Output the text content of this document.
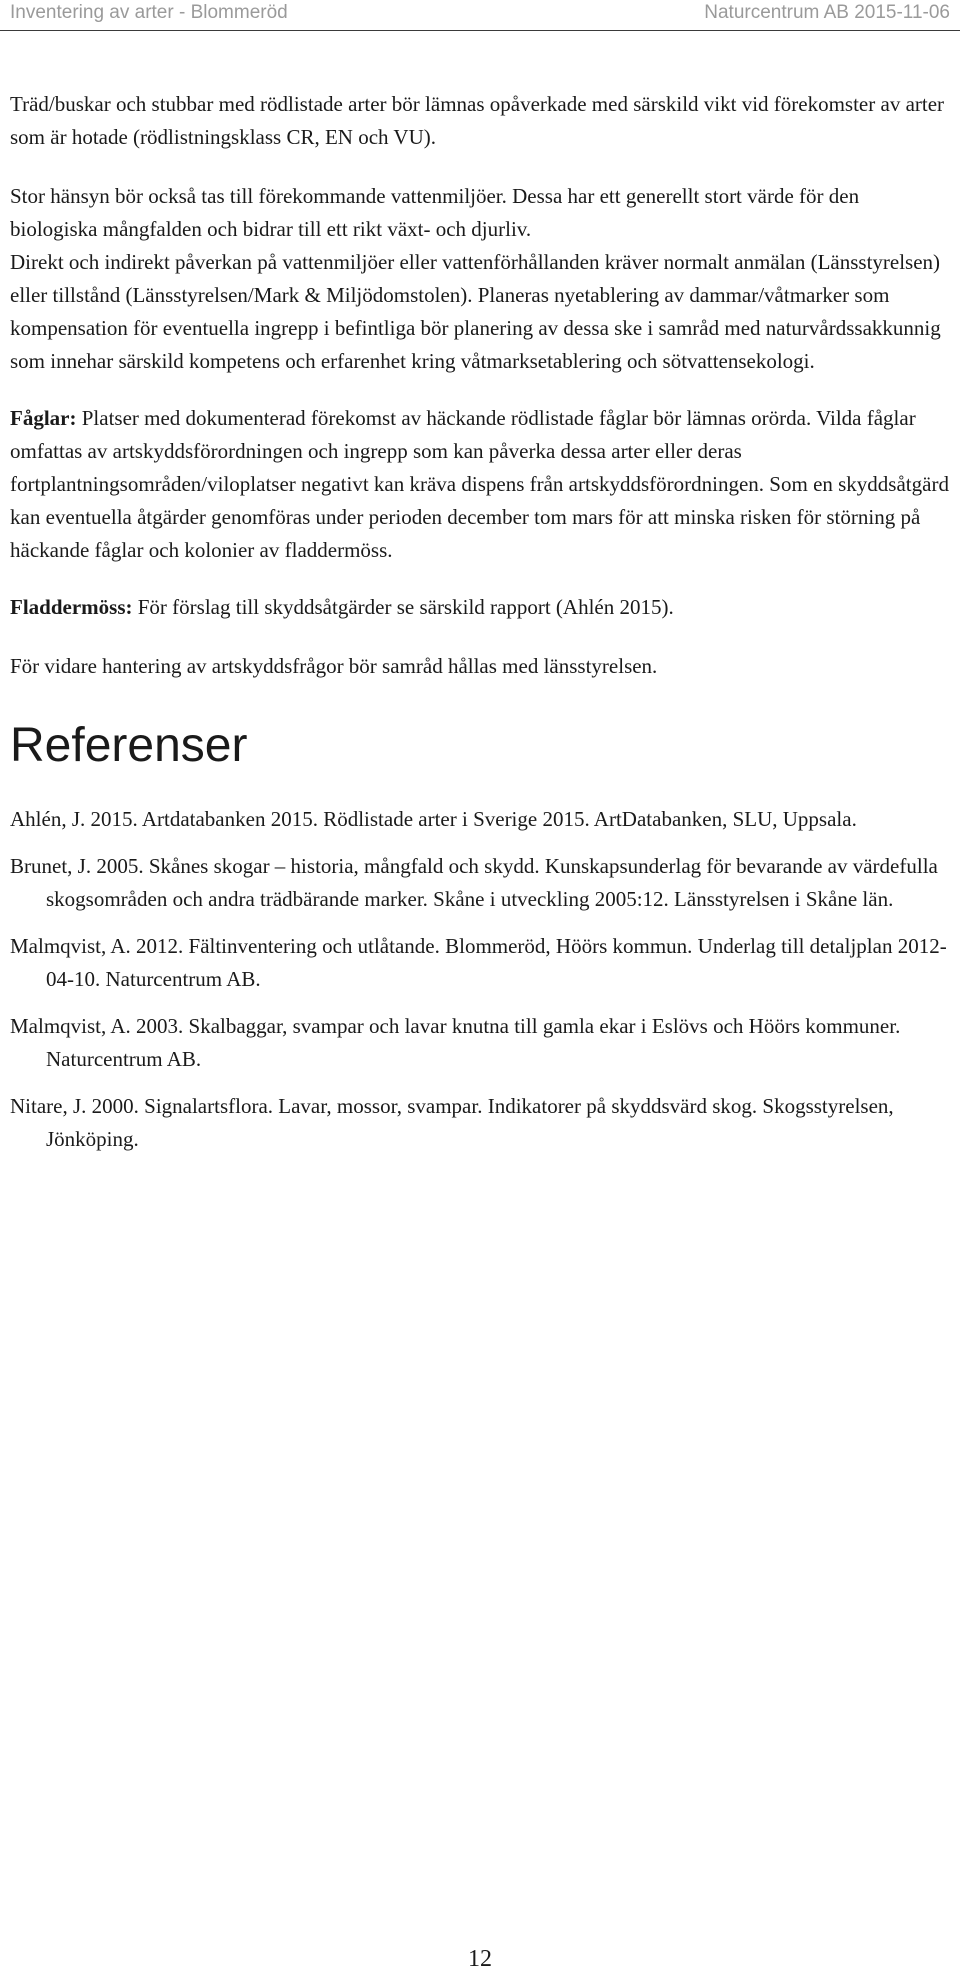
Inventering av arter - Blommeröd	Naturcentrum AB 2015-11-06

Träd/buskar och stubbar med rödlistade arter bör lämnas opåverkade med särskild vikt vid förekomster av arter som är hotade (rödlistningsklass CR, EN och VU).

Stor hänsyn bör också tas till förekommande vattenmiljöer. Dessa har ett generellt stort värde för den biologiska mångfalden och bidrar till ett rikt växt- och djurliv.

Direkt och indirekt påverkan på vattenmiljöer eller vattenförhållanden kräver normalt anmälan (Länsstyrelsen) eller tillstånd (Länsstyrelsen/Mark & Miljödomstolen). Planeras nyetablering av dammar/våtmarker som kompensation för eventuella ingrepp i befintliga bör planering av dessa ske i samråd med naturvårdssakkunnig som innehar särskild kompetens och erfarenhet kring våtmarksetablering och sötvattensekologi.

Fåglar: Platser med dokumenterad förekomst av häckande rödlistade fåglar bör lämnas orörda. Vilda fåglar omfattas av artskyddsförordningen och ingrepp som kan påverka dessa arter eller deras fortplantningsområden/viloplatser negativt kan kräva dispens från artskyddsförordningen. Som en skyddsåtgärd kan eventuella åtgärder genomföras under perioden december tom mars för att minska risken för störning på häckande fåglar och kolonier av fladdermöss.

Fladdermöss: För förslag till skyddsåtgärder se särskild rapport (Ahlén 2015).

För vidare hantering av artskyddsfrågor bör samråd hållas med länsstyrelsen.

Referenser

Ahlén, J. 2015. Artdatabanken 2015. Rödlistade arter i Sverige 2015. ArtDatabanken, SLU, Uppsala.

Brunet, J. 2005. Skånes skogar – historia, mångfald och skydd. Kunskapsunderlag för bevarande av värdefulla skogsområden och andra trädbärande marker. Skåne i utveckling 2005:12. Länsstyrelsen i Skåne län.

Malmqvist, A. 2012. Fältinventering och utlåtande. Blommeröd, Höörs kommun. Underlag till detaljplan 2012-04-10. Naturcentrum AB.

Malmqvist, A. 2003. Skalbaggar, svampar och lavar knutna till gamla ekar i Eslövs och Höörs kommuner. Naturcentrum AB.

Nitare, J. 2000. Signalartsflora. Lavar, mossor, svampar. Indikatorer på skyddsvärd skog. Skogsstyrelsen, Jönköping.

12
